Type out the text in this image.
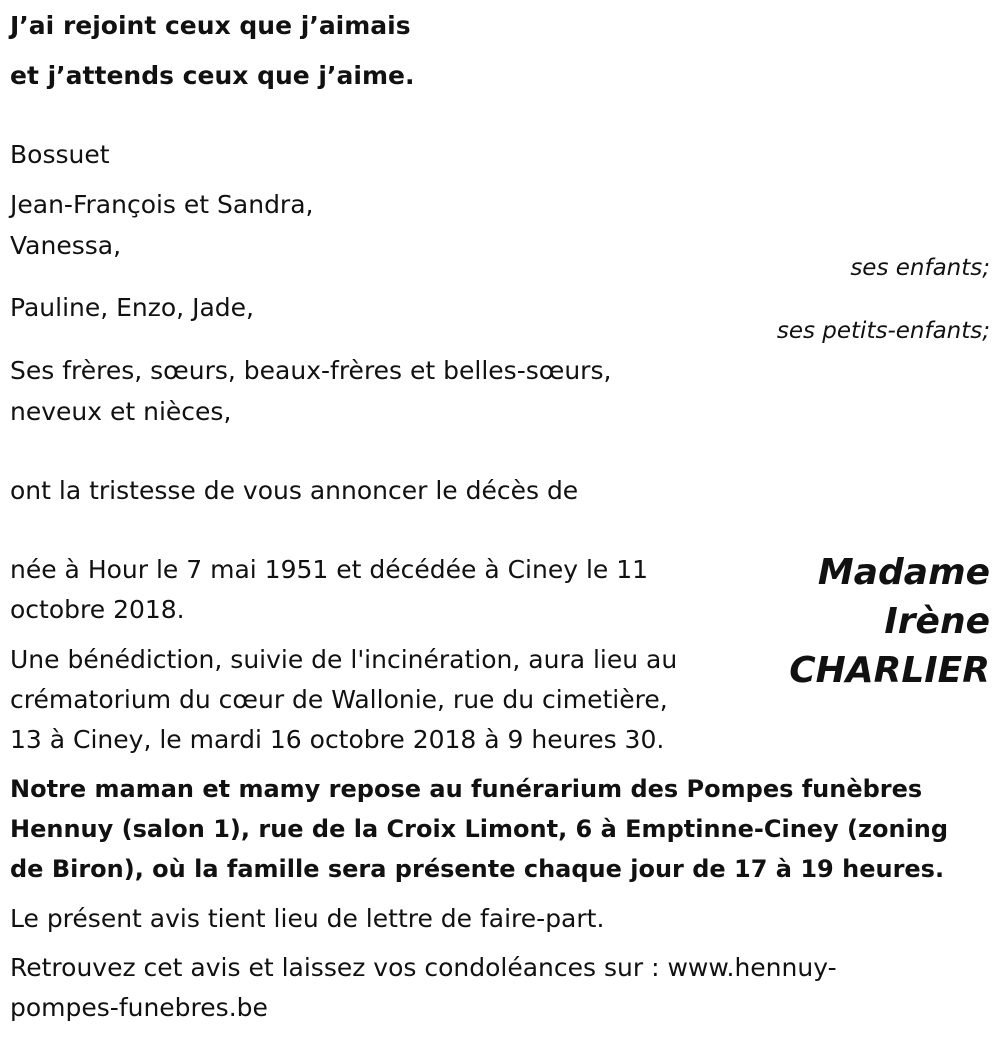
J’ai rejoint ceux que j’aimais

et j’attends ceux que j’aime.

Bossuet

Jean-François et Sandra,

Vanessa,

ses enfants;

Pauline, Enzo, Jade,

ses petits-enfants;

Ses frères, sœurs, beaux-frères et belles-sœurs,

neveux et nièces,

ont la tristesse de vous annoncer le décès de

née à Hour le 7 mai 1951 et décédée à Ciney le 11

octobre 2018.

Madame
Irène
CHARLIER

Une bénédiction, suivie de l'incinération, aura lieu au

crématorium du cœur de Wallonie, rue du cimetière,

13 à Ciney, le mardi 16 octobre 2018 à 9 heures 30.

Notre maman et mamy repose au funérarium des Pompes funèbres

Hennuy (salon 1), rue de la Croix Limont, 6 à Emptinne-Ciney (zoning

de Biron), où la famille sera présente chaque jour de 17 à 19 heures.

Le présent avis tient lieu de lettre de faire-part.

Retrouvez cet avis et laissez vos condoléances sur : www.hennuy-

pompes-funebres.be
